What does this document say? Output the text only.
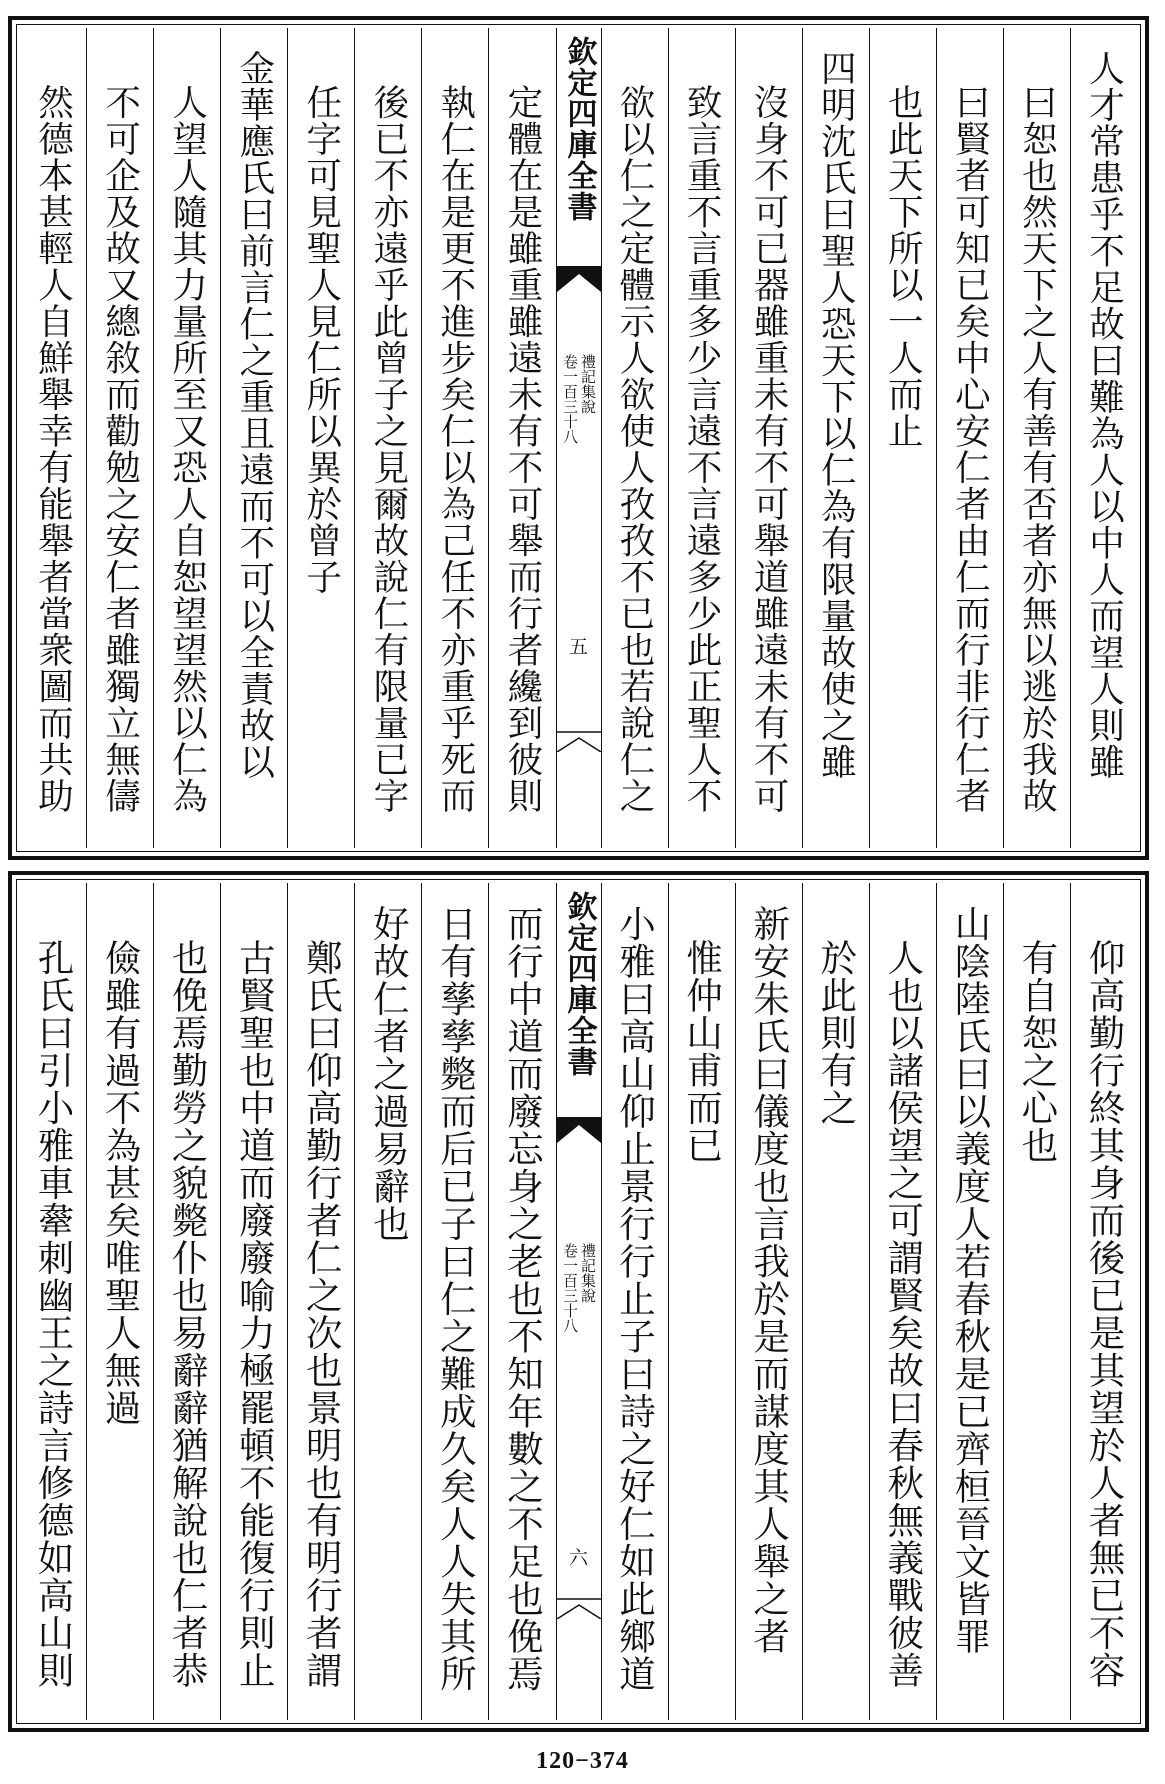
人才常患乎不足故曰難為人以中人而望人則雖
曰恕也然天下之人有善有否者亦無以逃於我故
曰賢者可知已矣中心安仁者由仁而行非行仁者
也此天下所以一人而止
四明沈氏曰聖人恐天下以仁為有限量故使之雖
沒身不可已器雖重未有不可舉道雖遠未有不可
致言重不言重多少言遠不言遠多少此正聖人不
欲以仁之定體示人欲使人孜孜不已也若說仁之
欽定四庫全書
卷一百三十八 禮記集說
五
定體在是雖重雖遠未有不可舉而行者纔到彼則
執仁在是更不進步矣仁以為己任不亦重乎死而
後已不亦遠乎此曾子之見爾故說仁有限量已字
任字可見聖人見仁所以異於曾子
金華應氏曰前言仁之重且遠而不可以全責故以
人望人隨其力量所至又恐人自恕望望然以仁為
不可企及故又總敘而勸勉之安仁者雖獨立無儔
然德本甚輕人自鮮舉幸有能舉者當衆圖而共助
仰高勤行終其身而後已是其望於人者無已不容
有自恕之心也
山陰陸氏曰以義度人若春秋是已齊桓晉文皆罪
人也以諸侯望之可謂賢矣故曰春秋無義戰彼善
於此則有之
新安朱氏曰儀度也言我於是而謀度其人舉之者
惟仲山甫而已
小雅曰高山仰止景行行止子曰詩之好仁如此鄉道
欽定四庫全書
卷一百三十八 禮記集說
六
而行中道而廢忘身之老也不知年數之不足也俛焉
日有孳孳斃而后已子曰仁之難成久矣人人失其所
好故仁者之過易辭也
鄭氏曰仰高勤行者仁之次也景明也有明行者謂
古賢聖也中道而廢廢喻力極罷頓不能復行則止
也俛焉勤勞之貌斃仆也易辭辭猶解說也仁者恭
儉雖有過不為甚矣唯聖人無過
孔氏曰引小雅車舝刺幽王之詩言修德如高山則
120−374
